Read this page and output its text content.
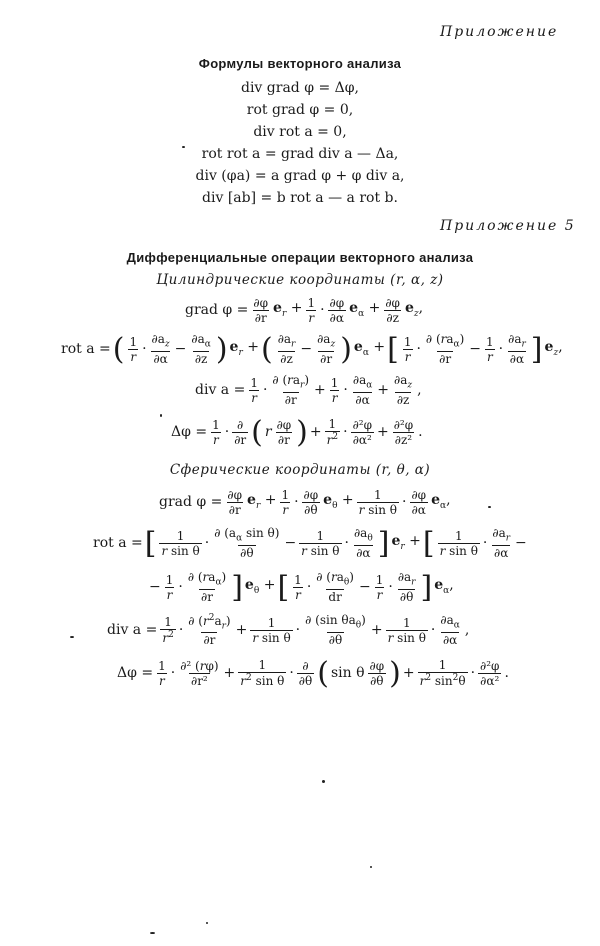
Приложение
Формулы векторного анализа
div grad φ = Δφ,
rot grad φ = 0,
div rot a = 0,
rot rot a = grad div a — Δa,
div (φa) = a grad φ + φ div a,
div [ab] = b rot a — a rot b.
Приложение 5
Дифференциальные операции векторного анализа
Цилиндрические координаты (r, α, z)
grad $\varphi = \frac{\partial\varphi}{\partial r} e_r + \frac{1}{r} \cdot \partial\varphi$
∂α
$e_\alpha + \frac{\partial\varphi}{\partial z} e_z$,
rot a = ( 1
r ·
$\partial a_z$
∂α
− $\frac{\partial a_\alpha}{\partial z}$ ) $e_r$ + ( $\partial a_r$
∂z
− $\frac{\partial a_z}{\partial r}$ ) $e_\alpha$ + [ 1
r ·
∂ $(ra_\alpha)$
∂r
− $\frac{1}{r}$ ·
$\partial a_r$
∂α ] $e_z$,
div $a = \frac{1}{r}$ ·
∂ $(ra_r)$
∂r
+ $\frac{1}{r}$ ·
$\partial a_\alpha$
∂α
+ $\frac{\partial a_z}{\partial z}$ ,
$\Delta\varphi = \frac{1}{r}$ · ∂
∂r ( r ∂φ
∂r ) + $\frac{1}{r^2} \cdot \partial^2\varphi$
$\partial\alpha^2 + \frac{\text{∂²φ}}{\text{∂z²}}$ .
Сферические координаты (r, θ, α)
grad $\varphi = \frac{\partial\varphi}{\partial r} e_r + \frac{1}{r} \cdot \partial\varphi$
∂θ
$e_\theta + \frac{1}{\text{r sin θ}} \cdot \partial\varphi$
∂α
$e_\alpha$,
rot a = [ 1
r sin θ ·
∂ ($a_\alpha$ sin θ)
∂θ
− $\frac{1}{\text{r sin θ}}$ ·
$\partial a_\theta$
∂α ] $e_r$ + [ 1
r sin θ ·
$\partial a_r$
∂α
−
− $\frac{1}{r}$ ·
∂ $(ra_\alpha)$
∂r ] $e_\theta$ + [ 1
r ·
∂ $(ra_\theta)$
dr
− $\frac{1}{r}$ ·
$\partial a_r$
∂θ ] $e_\alpha$,
div $a = \frac{1}{r^2}$ ·
∂ $(r^2a_r)$
∂r
+ $\frac{1}{\text{r sin θ}}$ ·
∂ (sin $\theta a_\theta$)
∂θ
+ $\frac{1}{\text{r sin θ}}$ ·
$\partial a_\alpha$
∂α
,
$\Delta\varphi = \frac{1}{r} \cdot \partial^2$ (rφ)
$\partial r^2 + \frac{1}{r^2 \sin \theta}$ · ∂
∂θ ( sin θ ∂φ
∂θ ) + $\frac{1}{r^2 \sin^2\theta} \cdot \partial^2\varphi$
∂α² .
